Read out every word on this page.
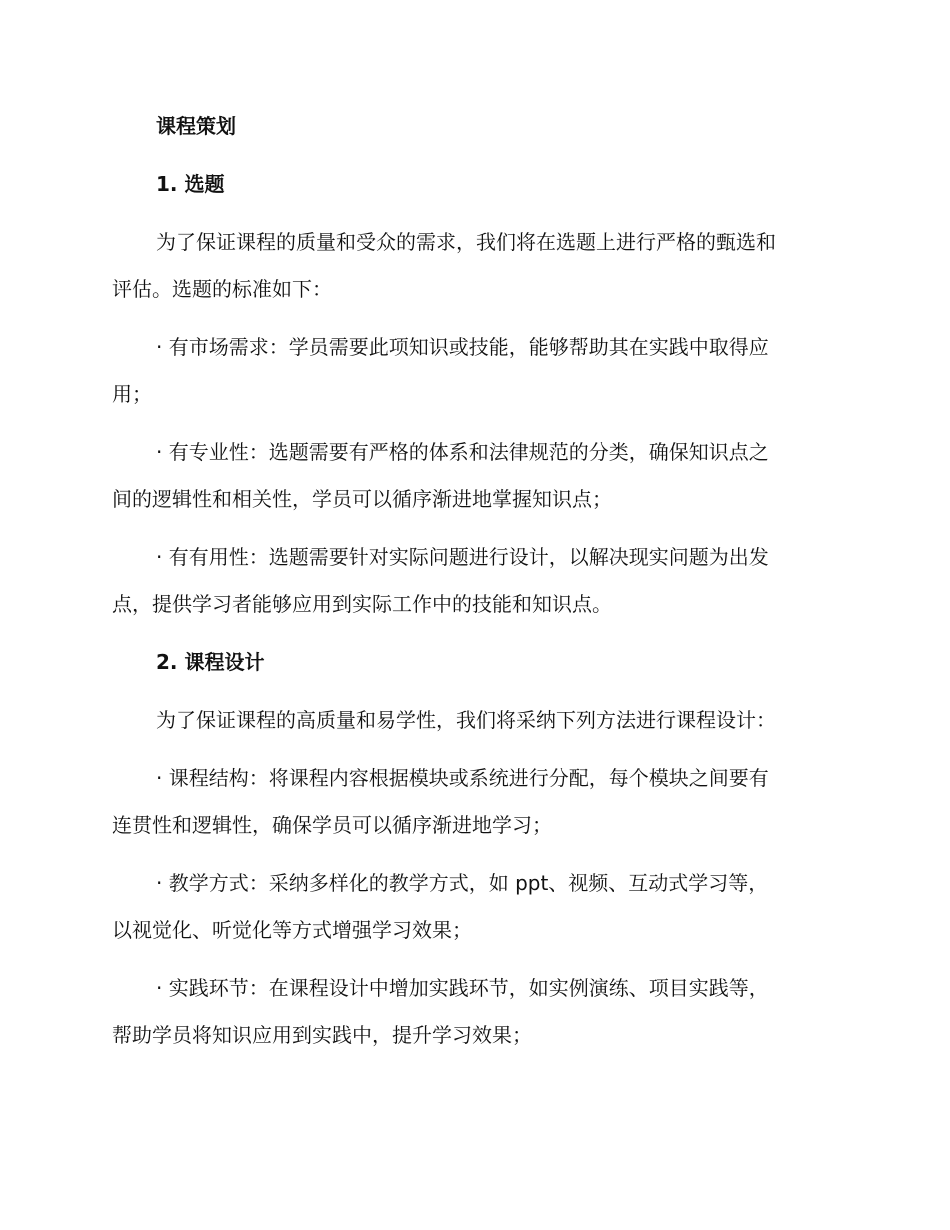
课程策划
1. 选题
为了保证课程的质量和受众的需求，我们将在选题上进行严格的甄选和
评估。选题的标准如下：
· 有市场需求：学员需要此项知识或技能，能够帮助其在实践中取得应
用；
· 有专业性：选题需要有严格的体系和法律规范的分类，确保知识点之
间的逻辑性和相关性，学员可以循序渐进地掌握知识点；
· 有有用性：选题需要针对实际问题进行设计，以解决现实问题为出发
点，提供学习者能够应用到实际工作中的技能和知识点。
2. 课程设计
为了保证课程的高质量和易学性，我们将采纳下列方法进行课程设计：
· 课程结构：将课程内容根据模块或系统进行分配，每个模块之间要有
连贯性和逻辑性，确保学员可以循序渐进地学习；
· 教学方式：采纳多样化的教学方式，如 ppt、视频、互动式学习等，
以视觉化、听觉化等方式增强学习效果；
· 实践环节：在课程设计中增加实践环节，如实例演练、项目实践等，
帮助学员将知识应用到实践中，提升学习效果；
